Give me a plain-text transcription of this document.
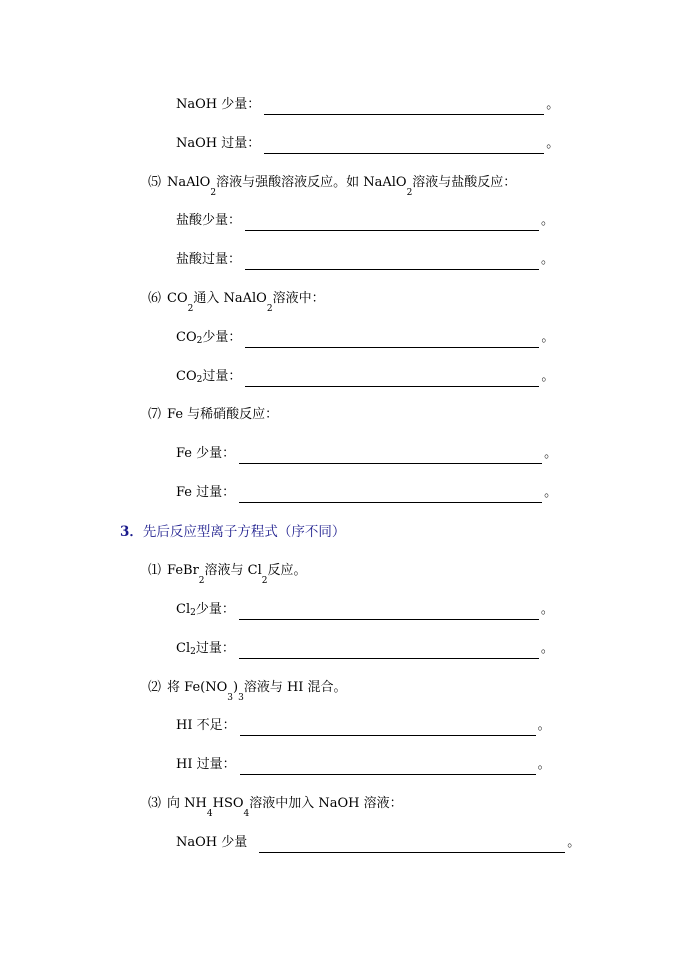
NaOH 少量：	。
NaOH 过量：	。
⑸ NaAlO
2
溶液与强酸溶液反应。如 NaAlO
2
溶液与盐酸反应：
盐酸少量：	。
盐酸过量：	。
⑹ CO
2
通入 NaAlO
2
溶液中：
$CO_2$少量：	。
$CO_2$过量：	。
⑺ Fe 与稀硝酸反应：
Fe 少量：	。
Fe 过量：	。
3． 先后反应型离子方程式（序不同）
⑴ FeBr
2
溶液与 Cl
2
反应。
$Cl_2$少量：	。
$Cl_2$过量：	。
⑵ 将 Fe(NO
3
)
3
溶液与 HI 混合。
HI 不足：	。
HI 过量：	。
⑶ 向 NH
4
HSO
4
溶液中加入 NaOH 溶液：
NaOH 少量	。
